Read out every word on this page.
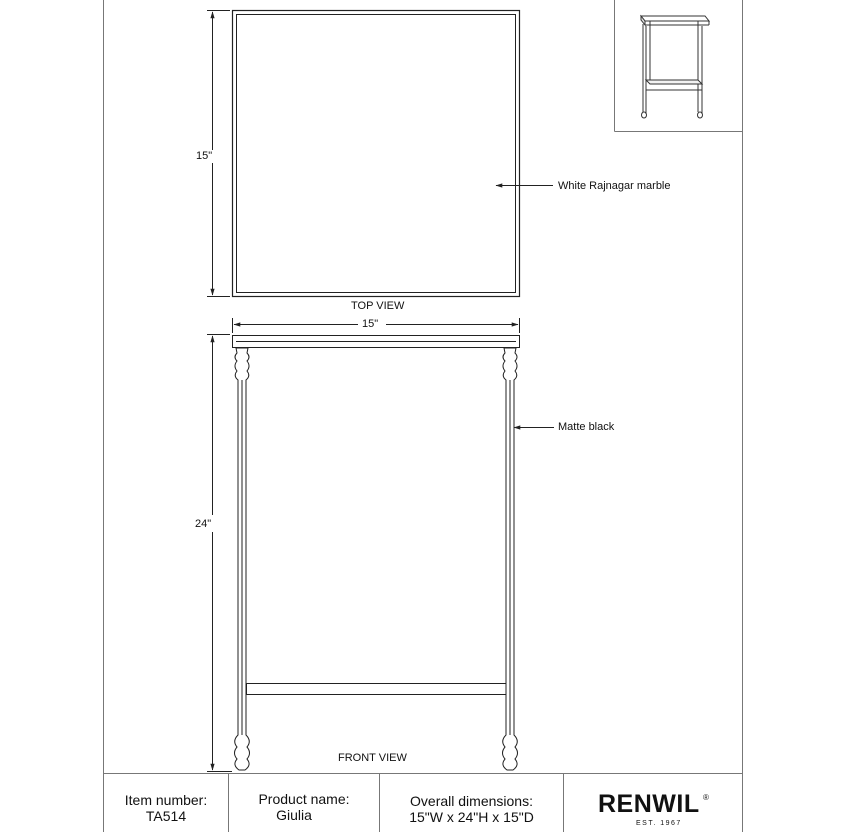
15"
White Rajnagar marble
TOP VIEW
15"
Matte black
24"
FRONT VIEW
Item number:
TA514
Product name:
Giulia
Overall dimensions:
15"W x 24"H x 15"D	RENWIL ®
EST. 1967
